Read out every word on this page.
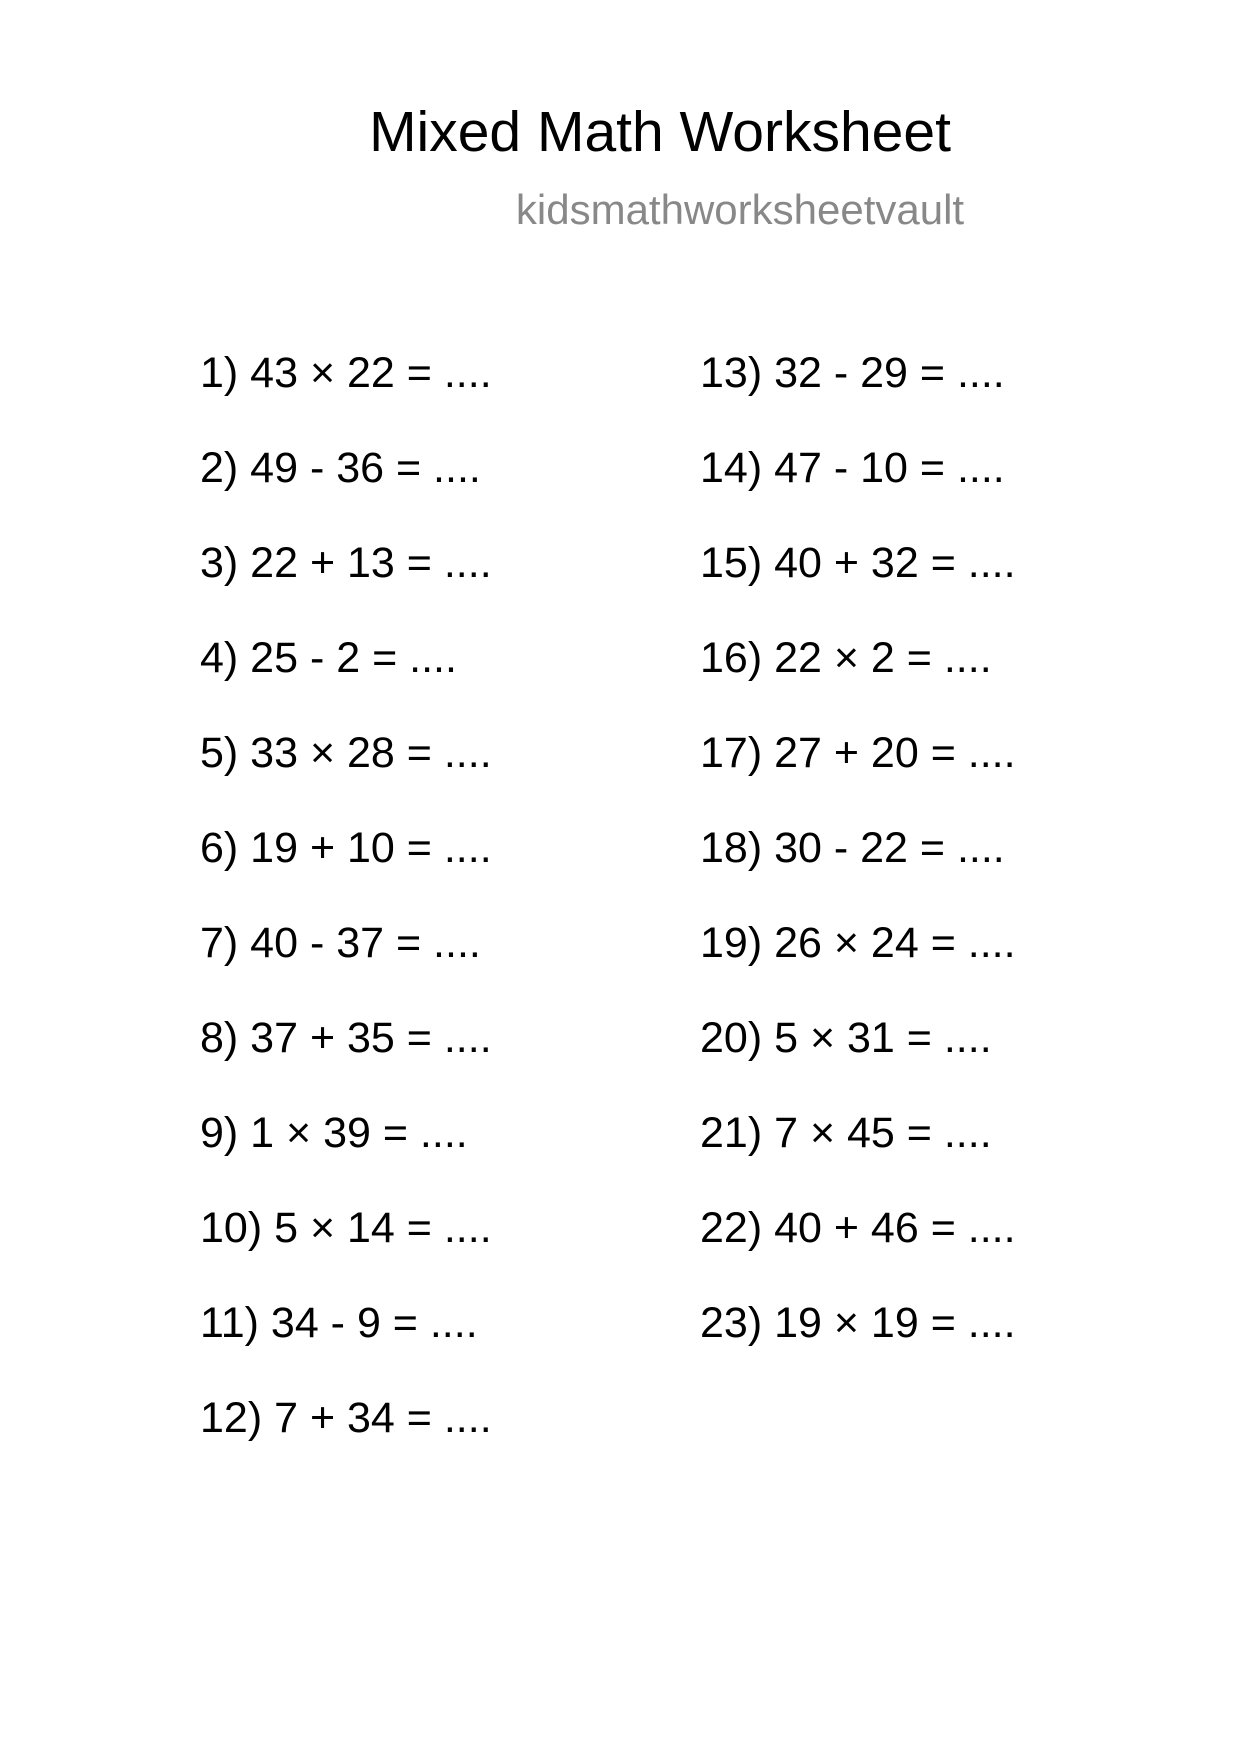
Mixed Math Worksheet
kidsmathworksheetvault
1) 43 × 22 = ....
2) 49 - 36 = ....
3) 22 + 13 = ....
4) 25 - 2 = ....
5) 33 × 28 = ....
6) 19 + 10 = ....
7) 40 - 37 = ....
8) 37 + 35 = ....
9) 1 × 39 = ....
10) 5 × 14 = ....
11) 34 - 9 = ....
12) 7 + 34 = ....
13) 32 - 29 = ....
14) 47 - 10 = ....
15) 40 + 32 = ....
16) 22 × 2 = ....
17) 27 + 20 = ....
18) 30 - 22 = ....
19) 26 × 24 = ....
20) 5 × 31 = ....
21) 7 × 45 = ....
22) 40 + 46 = ....
23) 19 × 19 = ....
